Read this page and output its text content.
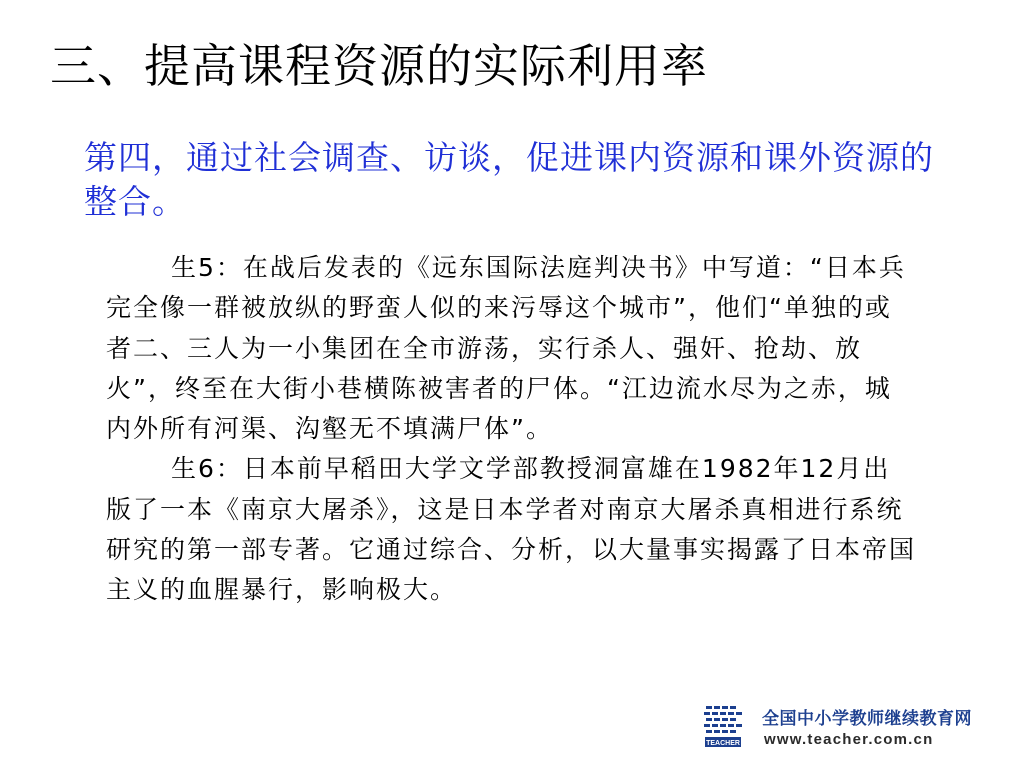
三、提高课程资源的实际利用率
第四，通过社会调查、访谈，促进课内资源和课外资源的整合。

生5：在战后发表的《远东国际法庭判决书》中写道：“日本兵完全像一群被放纵的野蛮人似的来污辱这个城市”，他们“单独的或者二、三人为一小集团在全市游荡，实行杀人、强奸、抢劫、放火”，终至在大街小巷横陈被害者的尸体。“江边流水尽为之赤，城内外所有河渠、沟壑无不填满尸体”。

生6：日本前早稻田大学文学部教授洞富雄在1982年12月出版了一本《南京大屠杀》，这是日本学者对南京大屠杀真相进行系统研究的第一部专著。它通过综合、分析，以大量事实揭露了日本帝国主义的血腥暴行，影响极大。

TEACHER
全国中小学教师继续教育网
www.teacher.com.cn
